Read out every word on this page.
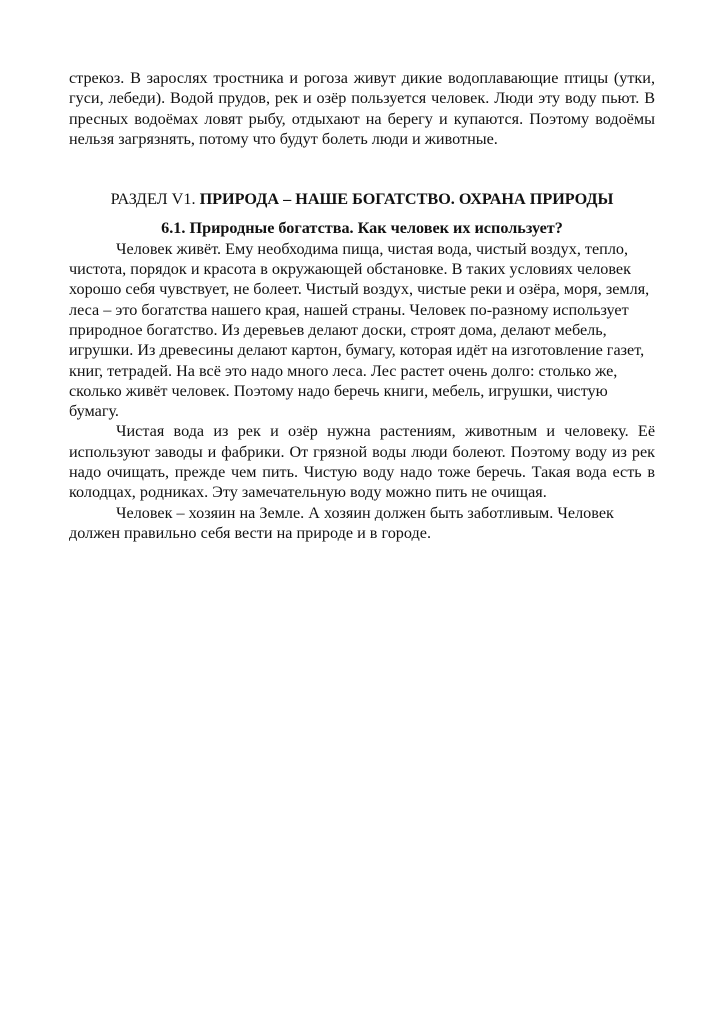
стрекоз. В зарослях тростника и рогоза живут дикие водоплавающие птицы (утки, гуси, лебеди). Водой прудов, рек и озёр пользуется человек. Люди эту воду пьют. В пресных водоёмах ловят рыбу, отдыхают на берегу и купаются. Поэтому водоёмы нельзя загрязнять, потому что будут болеть люди и животные.

РАЗДЕЛ V1. ПРИРОДА – НАШЕ БОГАТСТВО. ОХРАНА ПРИРОДЫ

6.1. Природные богатства. Как человек их использует?

Человек живёт. Ему необходима пища, чистая вода, чистый воздух, тепло, чистота, порядок и красота в окружающей обстановке. В таких условиях человек хорошо себя чувствует, не болеет. Чистый воздух, чистые реки и озёра, моря, земля, леса – это богатства нашего края, нашей страны. Человек по-разному использует природное богатство. Из деревьев делают доски, строят дома, делают мебель, игрушки. Из древесины делают картон, бумагу, которая идёт на изготовление газет, книг, тетрадей. На всё это надо много леса. Лес растет очень долго: столько же, сколько живёт человек. Поэтому надо беречь книги, мебель, игрушки, чистую бумагу.

Чистая вода из рек и озёр нужна растениям, животным и человеку. Её используют заводы и фабрики. От грязной воды люди болеют. Поэтому воду из рек надо очищать, прежде чем пить. Чистую воду надо тоже беречь. Такая вода есть в колодцах, родниках. Эту замечательную воду можно пить не очищая.

Человек – хозяин на Земле. А хозяин должен быть заботливым. Человек должен правильно себя вести на природе и в городе.
